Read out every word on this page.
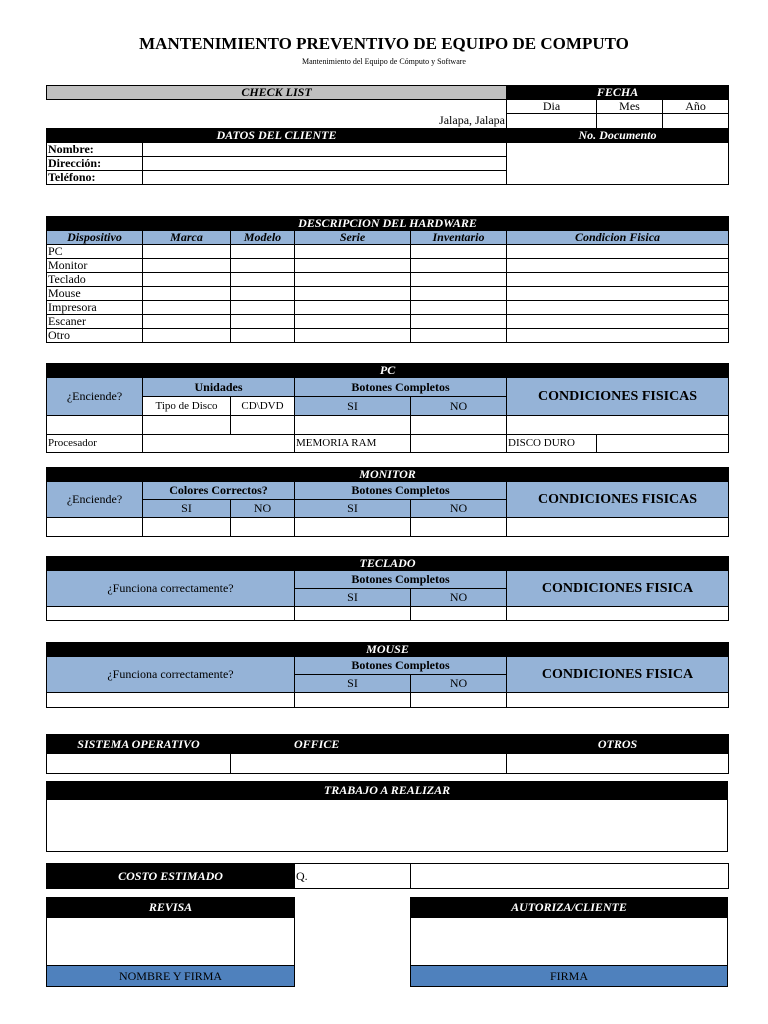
MANTENIMIENTO PREVENTIVO DE EQUIPO DE COMPUTO
Mantenimiento del Equipo de Cómputo y Software
CHECK LIST		FECHA		
		Dia	Mes	Año
Jalapa, Jalapa				
DATOS DEL CLIENTE		No. Documento		
Nombre:				
Dirección:				
Teléfono:				
DESCRIPCION DEL HARDWARE					
Dispositivo	Marca	Modelo	Serie	Inventario	Condicion Fisica
PC					
Monitor					
Teclado					
Mouse					
Impresora					
Escaner					
Otro					
PC						
¿Enciende?	Unidades		Botones Completos		CONDICIONES FISICAS	
	Tipo de Disco	CD\DVD	SI	NO		

Procesador			MEMORIA RAM		DISCO DURO	
MONITOR					
¿Enciende?	Colores Correctos?		Botones Completos		CONDICIONES FISICAS
	SI	NO	SI	NO	

TECLADO			
¿Funciona correctamente?	Botones Completos		CONDICIONES FISICA
	SI	NO	

MOUSE			
¿Funciona correctamente?	Botones Completos		CONDICIONES FISICA
	SI	NO	

SISTEMA OPERATIVO	OFFICE	OTROS

TRABAJO A REALIZAR

COSTO ESTIMADO	Q.	
REVISA

NOMBRE Y FIRMA
AUTORIZA/CLIENTE

FIRMA
